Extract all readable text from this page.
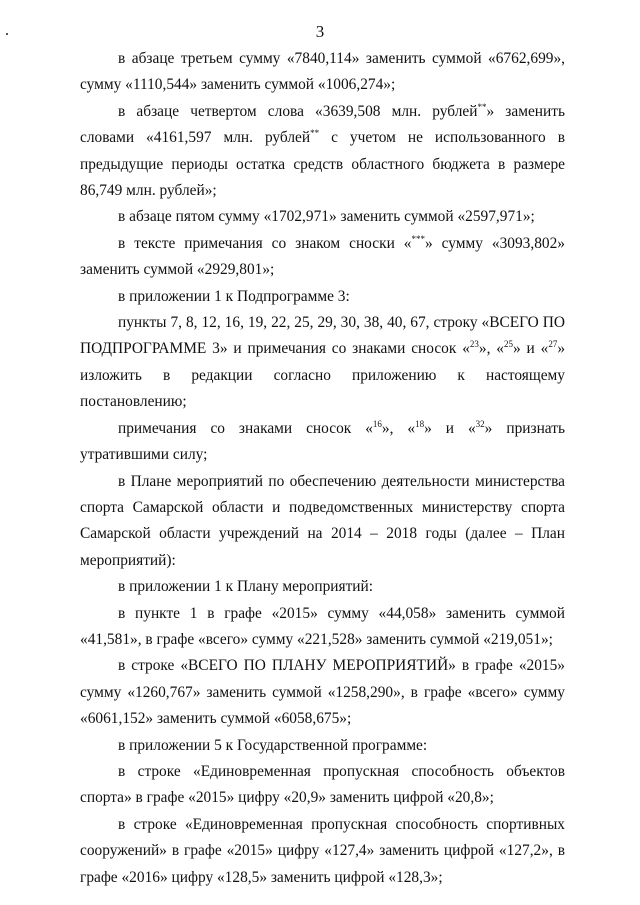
3

в абзаце третьем сумму «7840,114» заменить суммой «6762,699», сумму «1110,544» заменить суммой «1006,274»;

в абзаце четвертом слова «3639,508 млн. рублей**» заменить словами «4161,597 млн. рублей** с учетом не использованного в предыдущие периоды остатка средств областного бюджета в размере 86,749 млн. рублей»;

в абзаце пятом сумму «1702,971» заменить суммой «2597,971»;

в тексте примечания со знаком сноски «***» сумму «3093,802» заменить суммой «2929,801»;

в приложении 1 к Подпрограмме 3:

пункты 7, 8, 12, 16, 19, 22, 25, 29, 30, 38, 40, 67, строку «ВСЕГО ПО ПОДПРОГРАММЕ 3» и примечания со знаками сносок «$^{23}$», «$^{25}$» и «$^{27}$» изложить в редакции согласно приложению к настоящему постановлению;

примечания со знаками сносок «$^{16}$», «$^{18}$» и «$^{32}$» признать утратившими силу;

в Плане мероприятий по обеспечению деятельности министерства спорта Самарской области и подведомственных министерству спорта Самарской области учреждений на 2014 – 2018 годы (далее – План мероприятий):

в приложении 1 к Плану мероприятий:

в пункте 1 в графе «2015» сумму «44,058» заменить суммой «41,581», в графе «всего» сумму «221,528» заменить суммой «219,051»;

в строке «ВСЕГО ПО ПЛАНУ МЕРОПРИЯТИЙ» в графе «2015» сумму «1260,767» заменить суммой «1258,290», в графе «всего» сумму «6061,152» заменить суммой «6058,675»;

в приложении 5 к Государственной программе:

в строке «Единовременная пропускная способность объектов спорта» в графе «2015» цифру «20,9» заменить цифрой «20,8»;

в строке «Единовременная пропускная способность спортивных сооружений» в графе «2015» цифру «127,4» заменить цифрой «127,2», в графе «2016» цифру «128,5» заменить цифрой «128,3»;
